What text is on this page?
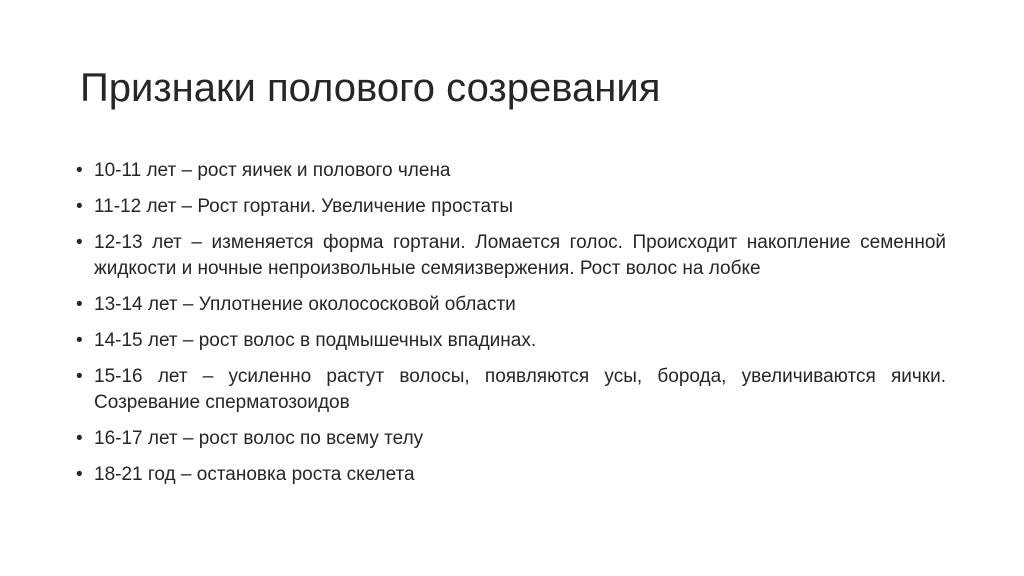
Признаки полового созревания
• 10-11 лет – рост яичек и полового члена
• 11-12 лет – Рост гортани. Увеличение простаты
• 12-13 лет – изменяется форма гортани. Ломается голос. Происходит накопление семенной жидкости и ночные непроизвольные семяизвержения. Рост волос на лобке
• 13-14 лет – Уплотнение околососковой области
• 14-15 лет – рост волос в подмышечных впадинах.
• 15-16 лет – усиленно растут волосы, появляются усы, борода, увеличиваются яички. Созревание сперматозоидов
• 16-17 лет – рост волос по всему телу
• 18-21 год – остановка роста скелета
